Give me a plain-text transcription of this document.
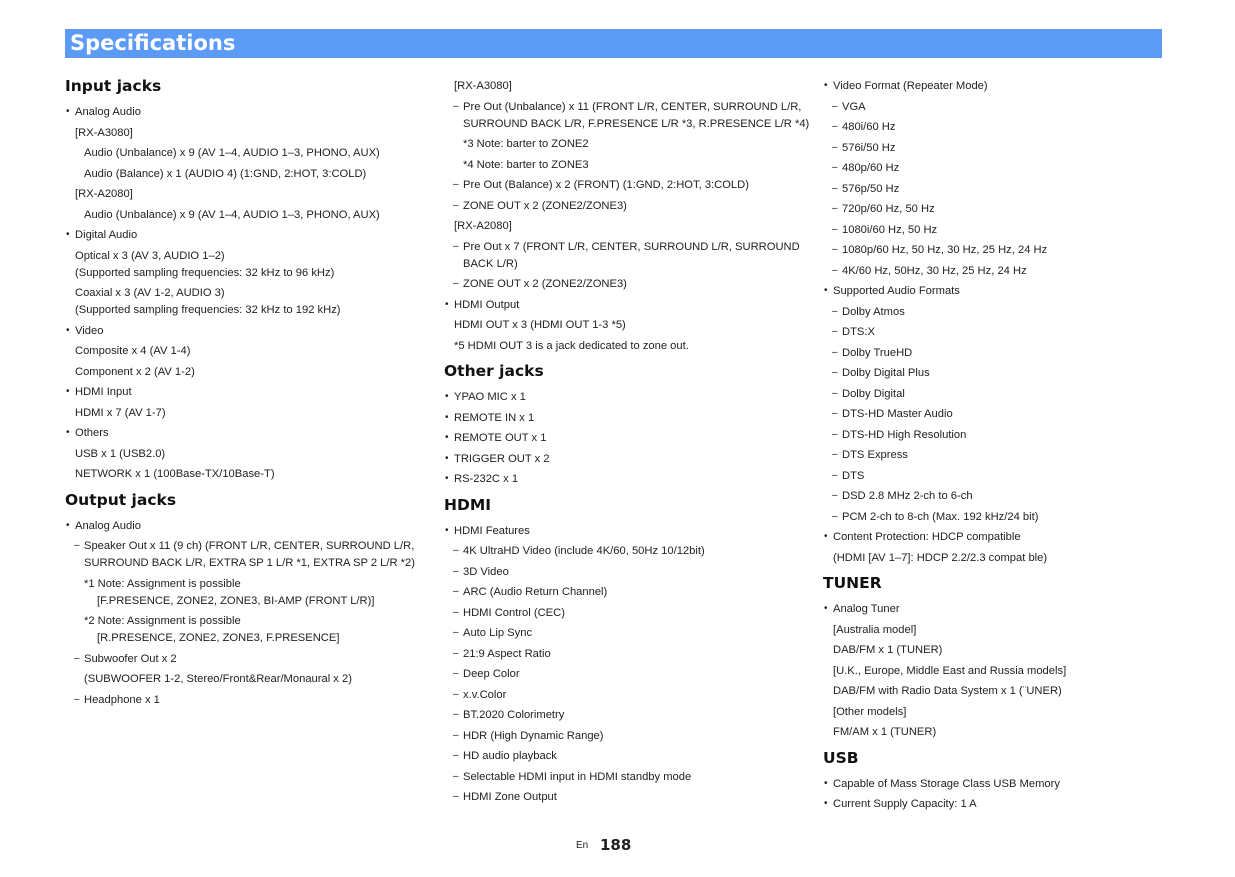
Specifications
Input jacks
• Analog Audio
[RX-A3080]
Audio (Unbalance) x 9 (AV 1–4, AUDIO 1–3, PHONO, AUX)
Audio (Balance) x 1 (AUDIO 4) (1:GND, 2:HOT, 3:COLD)
[RX-A2080]
Audio (Unbalance) x 9 (AV 1–4, AUDIO 1–3, PHONO, AUX)
• Digital Audio
Optical x 3 (AV 3, AUDIO 1–2)
(Supported sampling frequencies: 32 kHz to 96 kHz)
Coaxial x 3 (AV 1-2, AUDIO 3)
(Supported sampling frequencies: 32 kHz to 192 kHz)
• Video
Composite x 4 (AV 1-4)
Component x 2 (AV 1-2)
• HDMI Input
HDMI x 7 (AV 1-7)
• Others
USB x 1 (USB2.0)
NETWORK x 1 (100Base-TX/10Base-T)
Output jacks
• Analog Audio
– Speaker Out x 11 (9 ch) (FRONT L/R, CENTER, SURROUND L/R,
SURROUND BACK L/R, EXTRA SP 1 L/R *1, EXTRA SP 2 L/R *2)
*1 Note: Assignment is possible
[F.PRESENCE, ZONE2, ZONE3, BI-AMP (FRONT L/R)]
*2 Note: Assignment is possible
[R.PRESENCE, ZONE2, ZONE3, F.PRESENCE]
– Subwoofer Out x 2
(SUBWOOFER 1-2, Stereo/Front&Rear/Monaural x 2)
– Headphone x 1
[RX-A3080]
– Pre Out (Unbalance) x 11 (FRONT L/R, CENTER, SURROUND L/R,
SURROUND BACK L/R, F.PRESENCE L/R *3, R.PRESENCE L/R *4)
*3 Note: barter to ZONE2
*4 Note: barter to ZONE3
– Pre Out (Balance) x 2 (FRONT) (1:GND, 2:HOT, 3:COLD)
– ZONE OUT x 2 (ZONE2/ZONE3)
[RX-A2080]
– Pre Out x 7 (FRONT L/R, CENTER, SURROUND L/R, SURROUND
BACK L/R)
– ZONE OUT x 2 (ZONE2/ZONE3)
• HDMI Output
HDMI OUT x 3 (HDMI OUT 1-3 *5)
*5 HDMI OUT 3 is a jack dedicated to zone out.
Other jacks
• YPAO MIC x 1
• REMOTE IN x 1
• REMOTE OUT x 1
• TRIGGER OUT x 2
• RS-232C x 1
HDMI
• HDMI Features
– 4K UltraHD Video (include 4K/60, 50Hz 10/12bit)
– 3D Video
– ARC (Audio Return Channel)
– HDMI Control (CEC)
– Auto Lip Sync
– 21:9 Aspect Ratio
– Deep Color
– x.v.Color
– BT.2020 Colorimetry
– HDR (High Dynamic Range)
– HD audio playback
– Selectable HDMI input in HDMI standby mode
– HDMI Zone Output
• Video Format (Repeater Mode)
– VGA
– 480i/60 Hz
– 576i/50 Hz
– 480p/60 Hz
– 576p/50 Hz
– 720p/60 Hz, 50 Hz
– 1080i/60 Hz, 50 Hz
– 1080p/60 Hz, 50 Hz, 30 Hz, 25 Hz, 24 Hz
– 4K/60 Hz, 50Hz, 30 Hz, 25 Hz, 24 Hz
• Supported Audio Formats
– Dolby Atmos
– DTS:X
– Dolby TrueHD
– Dolby Digital Plus
– Dolby Digital
– DTS-HD Master Audio
– DTS-HD High Resolution
– DTS Express
– DTS
– DSD 2.8 MHz 2-ch to 6-ch
– PCM 2-ch to 8-ch (Max. 192 kHz/24 bit)
• Content Protection: HDCP compatible
(HDMI [AV 1–7]: HDCP 2.2/2.3 compat ble)
TUNER
• Analog Tuner
[Australia model]
DAB/FM x 1 (TUNER)
[U.K., Europe, Middle East and Russia models]
DAB/FM with Radio Data System x 1 (¨UNER)
[Other models]
FM/AM x 1 (TUNER)
USB
• Capable of Mass Storage Class USB Memory
• Current Supply Capacity: 1 A
En 188
